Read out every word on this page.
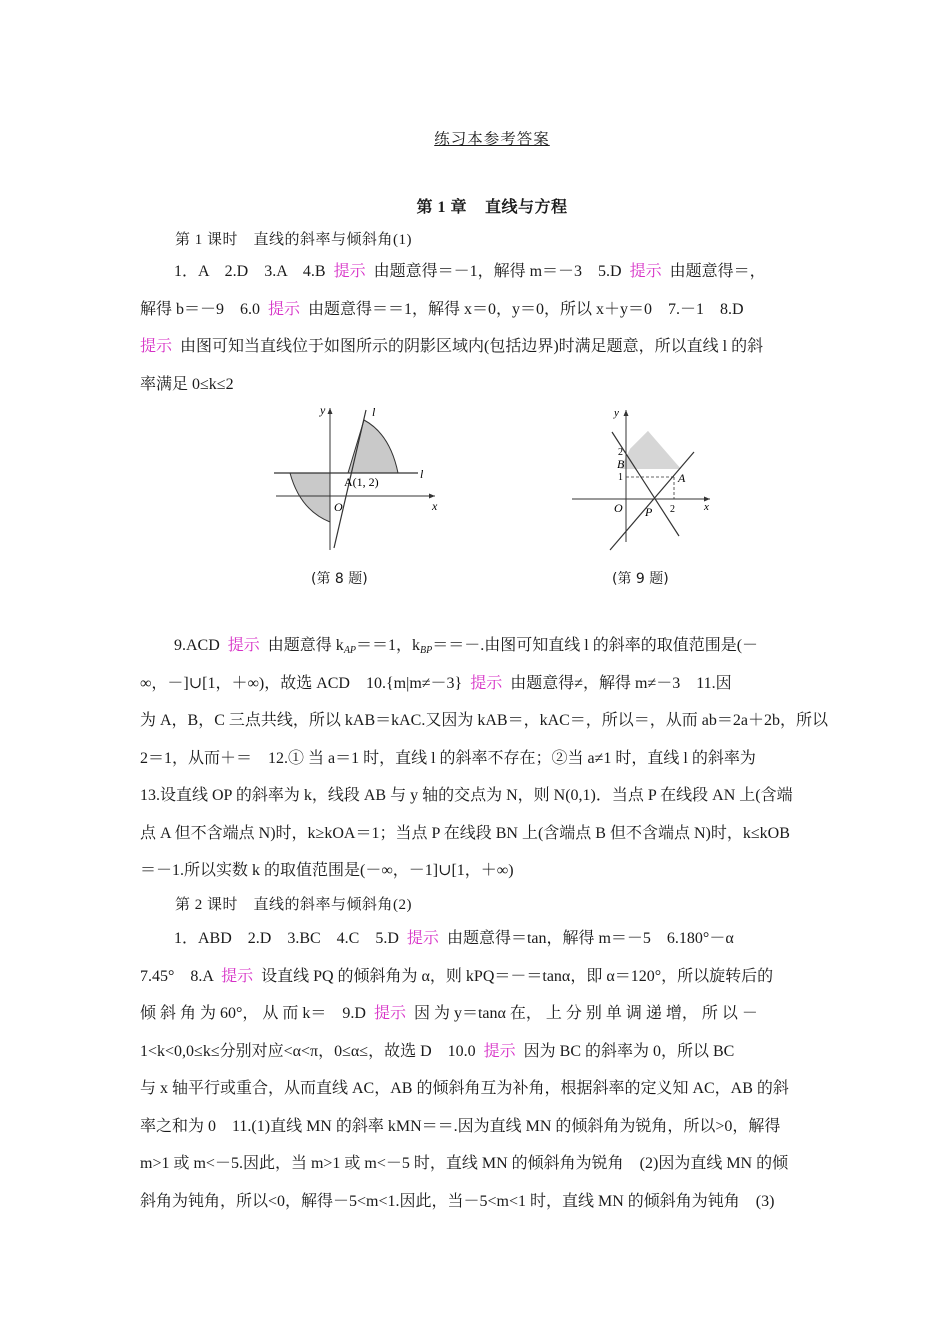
练习本参考答案
第 1 章 直线与方程
第 1 课时　直线的斜率与倾斜角(1)
1．A　2.D　3.A　4.B 提示 由题意得＝－1，解得 m＝－3　5.D 提示 由题意得＝，
解得 b＝－9　6.0 提示 由题意得＝＝1，解得 x＝0，y＝0，所以 x＋y＝0　7.－1　8.D
提示 由图可知当直线位于如图所示的阴影区域内(包括边界)时满足题意，所以直线 l 的斜
率满足 0≤k≤2
y
x
l
l
A(1, 2)
O
(第 8 题)
y
x
B
2
1	A
O P 2
(第 9 题)
9.ACD 提示 由题意得 $k_{AP}==1$，$k_{BP}==-$.由图可知直线 l 的斜率的取值范围是(－
∞，－]∪[1，＋∞)，故选 ACD　10.{m|m≠－3} 提示 由题意得≠，解得 m≠－3　11.因
为 A，B，C 三点共线，所以 kAB＝kAC.又因为 kAB＝，kAC＝，所以＝，从而 ab＝2a＋2b，所以
2＝1，从而＋＝　12.① 当 a＝1 时，直线 l 的斜率不存在；②当 a≠1 时，直线 l 的斜率为
13.设直线 OP 的斜率为 k，线段 AB 与 y 轴的交点为 N，则 N(0,1)．当点 P 在线段 AN 上(含端
点 A 但不含端点 N)时，k≥kOA＝1；当点 P 在线段 BN 上(含端点 B 但不含端点 N)时，k≤kOB
＝－1.所以实数 k 的取值范围是(－∞，－1]∪[1，＋∞)
第 2 课时　直线的斜率与倾斜角(2)
1．ABD　2.D　3.BC　4.C　5.D 提示 由题意得＝tan，解得 m＝－5　6.180°－α
7.45°　8.A 提示 设直线 PQ 的倾斜角为 α，则 kPQ＝－＝tanα，即 α＝120°，所以旋转后的
倾 斜 角 为 60°， 从 而 k＝　9.D 提示 因 为 y＝tanα 在， 上 分 别 单 调 递 增， 所 以 －
1<k<0,0≤k≤分别对应<α<π，0≤α≤，故选 D　10.0 提示 因为 BC 的斜率为 0，所以 BC
与 x 轴平行或重合，从而直线 AC，AB 的倾斜角互为补角，根据斜率的定义知 AC，AB 的斜
率之和为 0　11.(1)直线 MN 的斜率 kMN＝＝.因为直线 MN 的倾斜角为锐角，所以>0，解得
m>1 或 m<－5.因此，当 m>1 或 m<－5 时，直线 MN 的倾斜角为锐角　(2)因为直线 MN 的倾
斜角为钝角，所以<0，解得－5<m<1.因此，当－5<m<1 时，直线 MN 的倾斜角为钝角　(3)
